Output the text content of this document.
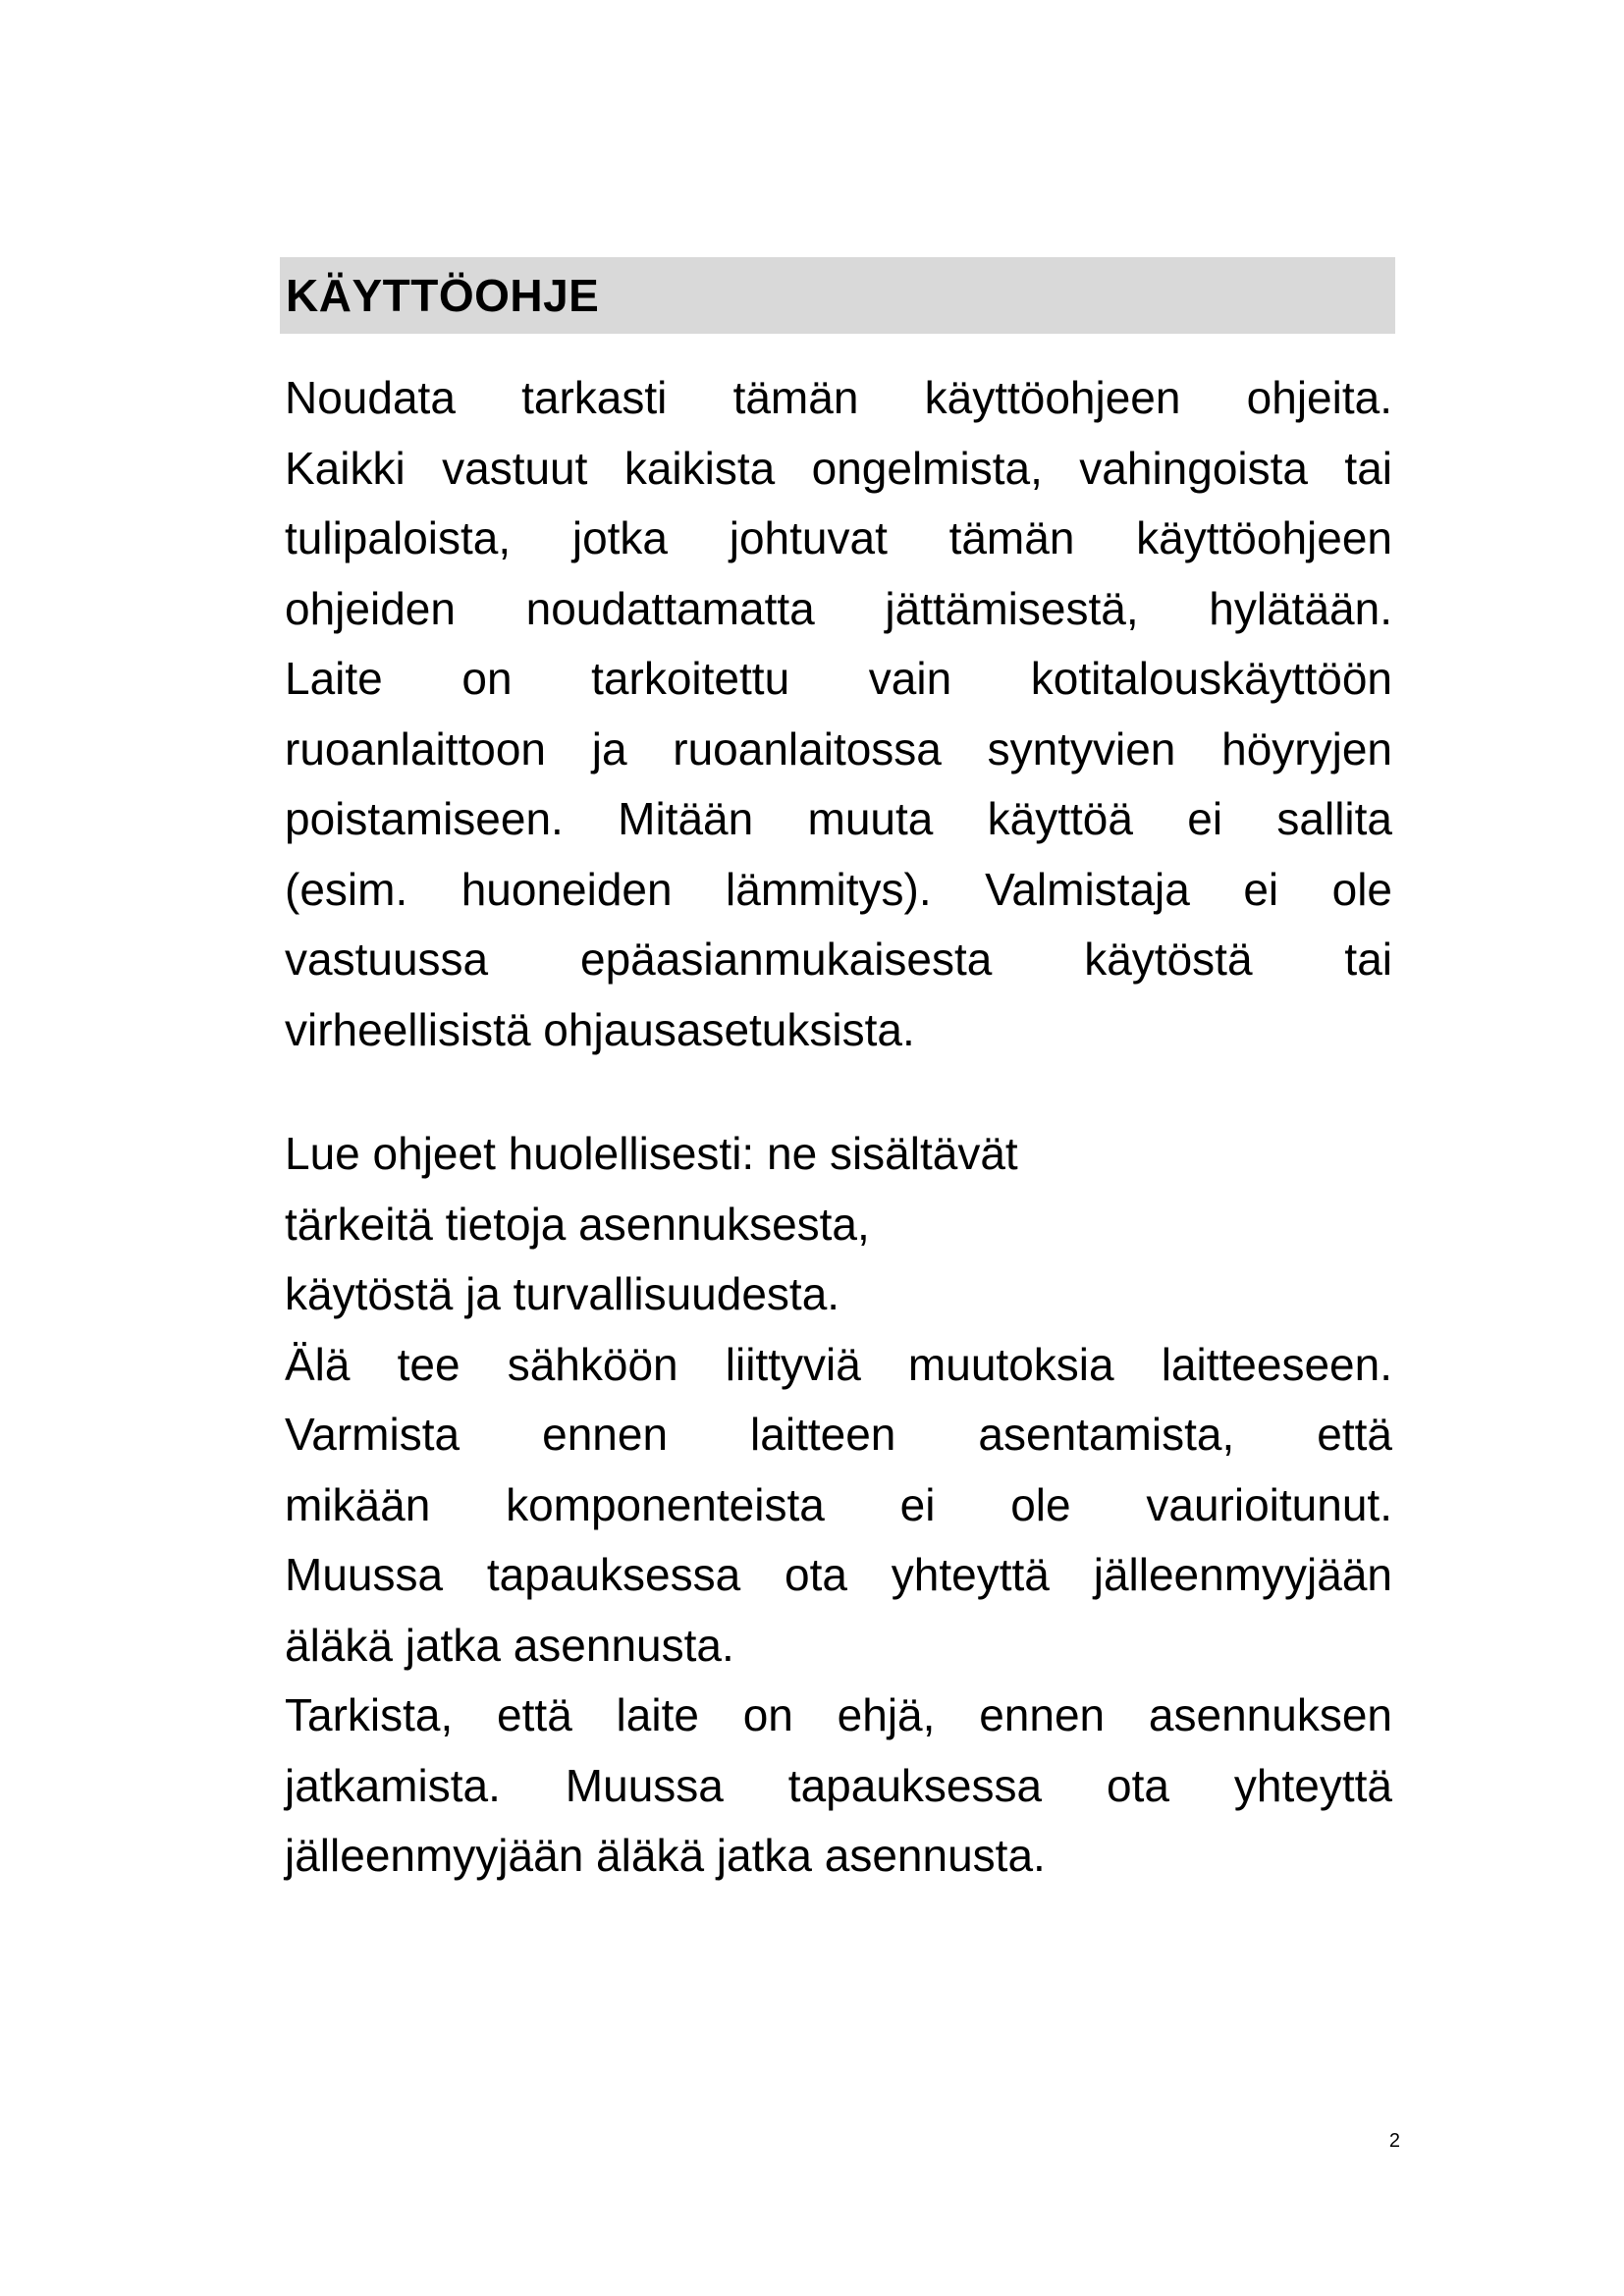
KÄYTTÖOHJE
Noudata tarkasti tämän käyttöohjeen ohjeita.
Kaikki vastuut kaikista ongelmista, vahingoista tai
tulipaloista, jotka johtuvat tämän käyttöohjeen
ohjeiden noudattamatta jättämisestä, hylätään.
Laite on tarkoitettu vain kotitalouskäyttöön
ruoanlaittoon ja ruoanlaitossa syntyvien höyryjen
poistamiseen. Mitään muuta käyttöä ei sallita
(esim. huoneiden lämmitys). Valmistaja ei ole
vastuussa epäasianmukaisesta käytöstä tai
virheellisistä ohjausasetuksista.
Lue ohjeet huolellisesti: ne sisältävät
tärkeitä tietoja asennuksesta,
käytöstä ja turvallisuudesta.
Älä tee sähköön liittyviä muutoksia laitteeseen.
Varmista ennen laitteen asentamista, että
mikään komponenteista ei ole vaurioitunut.
Muussa tapauksessa ota yhteyttä jälleenmyyjään
äläkä jatka asennusta.
Tarkista, että laite on ehjä, ennen asennuksen
jatkamista. Muussa tapauksessa ota yhteyttä
jälleenmyyjään äläkä jatka asennusta.
2
